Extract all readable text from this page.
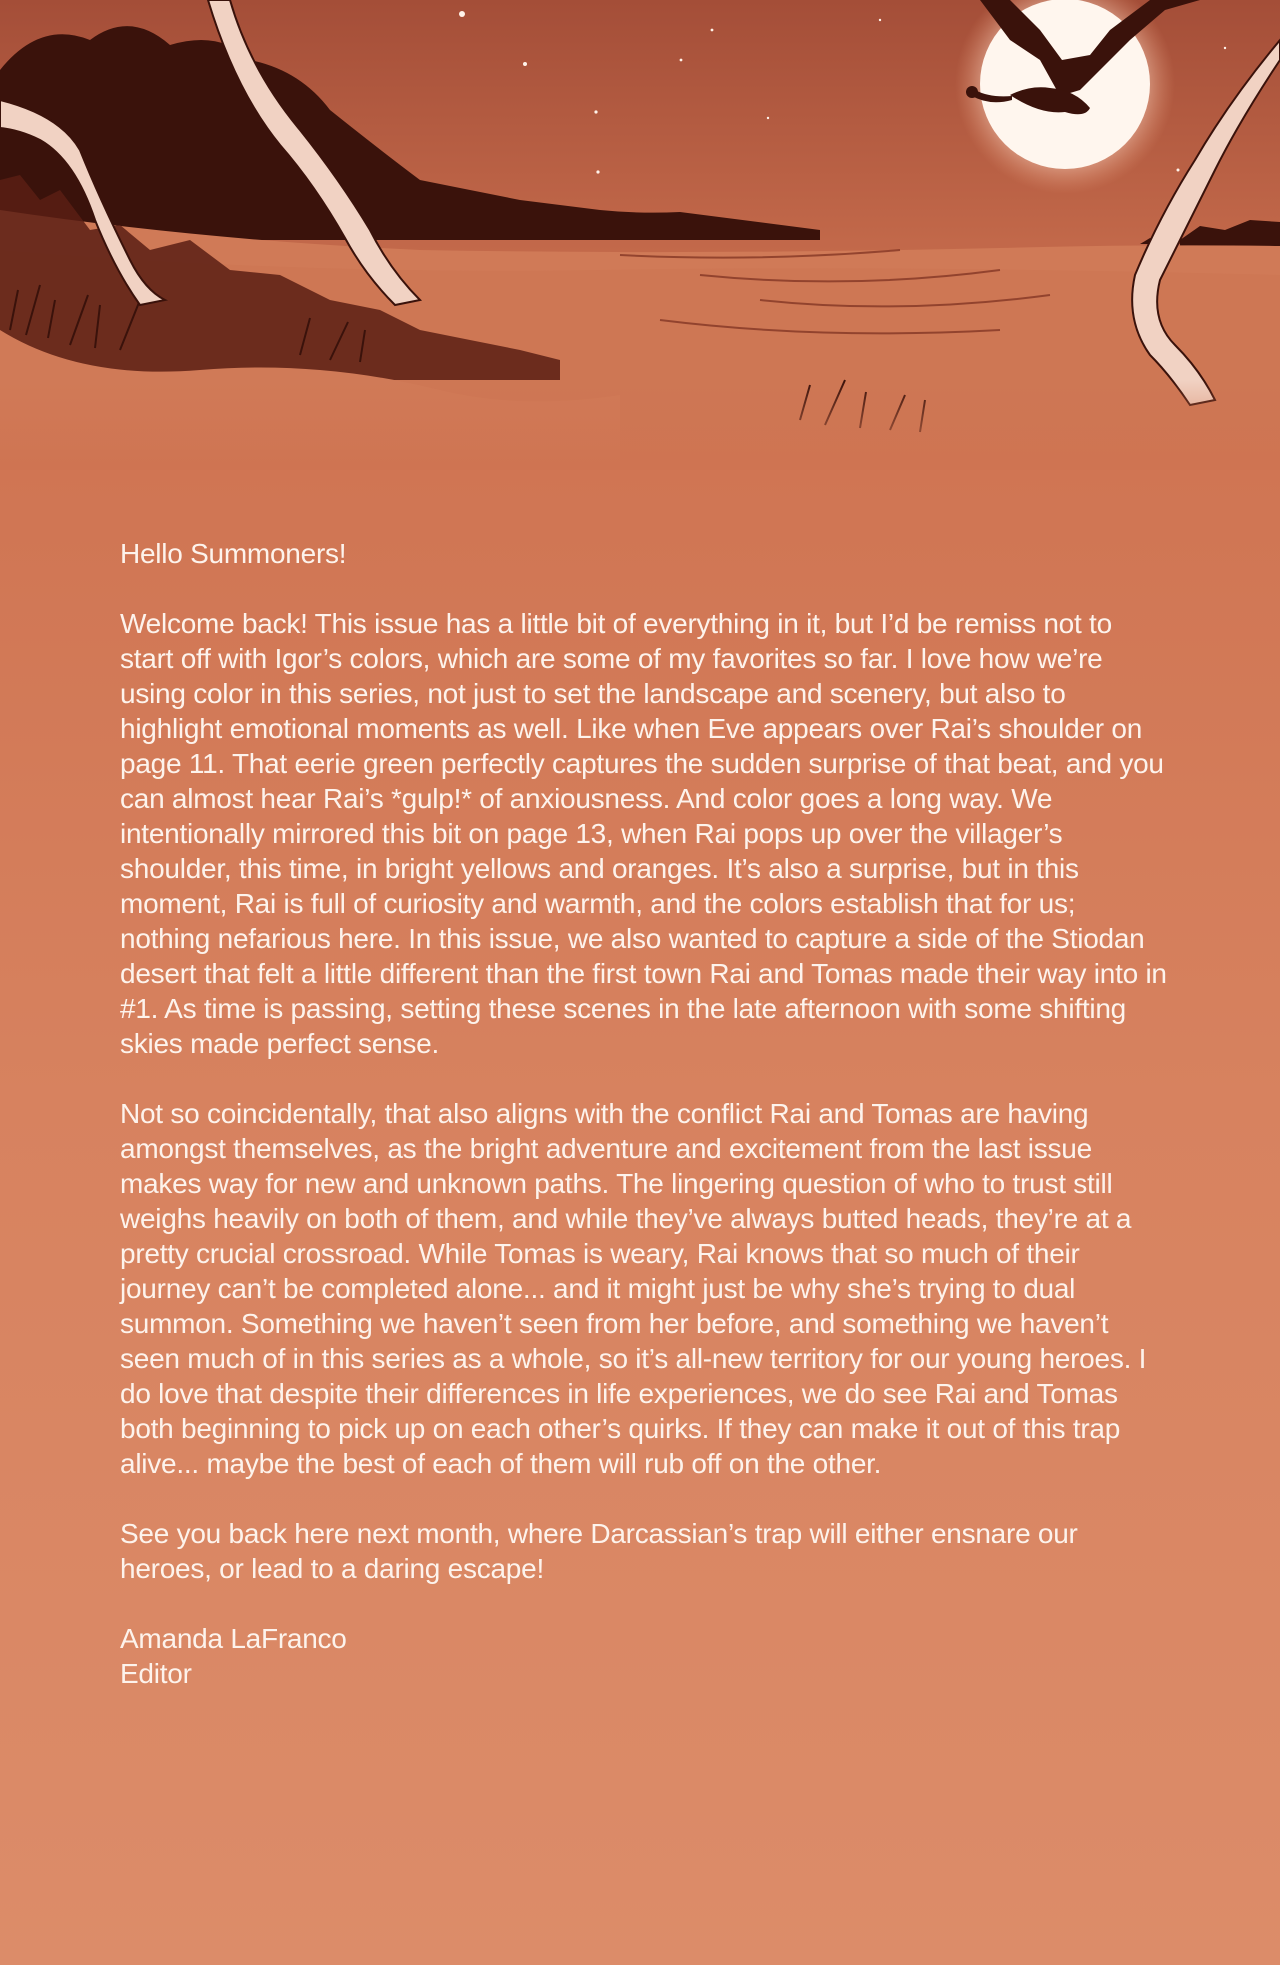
Hello Summoners!

Welcome back! This issue has a little bit of everything in it, but I’d be remiss not to start off with Igor’s colors, which are some of my favorites so far. I love how we’re using color in this series, not just to set the landscape and scenery, but also to highlight emotional moments as well. Like when Eve appears over Rai’s shoulder on page 11. That eerie green perfectly captures the sudden surprise of that beat, and you can almost hear Rai’s *gulp!* of anxiousness. And color goes a long way. We intentionally mirrored this bit on page 13, when Rai pops up over the villager’s shoulder, this time, in bright yellows and oranges. It’s also a surprise, but in this moment, Rai is full of curiosity and warmth, and the colors establish that for us; nothing nefarious here. In this issue, we also wanted to capture a side of the Stiodan desert that felt a little different than the first town Rai and Tomas made their way into in #1. As time is passing, setting these scenes in the late afternoon with some shifting skies made perfect sense.

Not so coincidentally, that also aligns with the conflict Rai and Tomas are having amongst themselves, as the bright adventure and excitement from the last issue makes way for new and unknown paths. The lingering question of who to trust still weighs heavily on both of them, and while they’ve always butted heads, they’re at a pretty crucial crossroad. While Tomas is weary, Rai knows that so much of their journey can’t be completed alone... and it might just be why she’s trying to dual summon. Something we haven’t seen from her before, and something we haven’t seen much of in this series as a whole, so it’s all-new territory for our young heroes. I do love that despite their differences in life experiences, we do see Rai and Tomas both beginning to pick up on each other’s quirks. If they can make it out of this trap alive... maybe the best of each of them will rub off on the other.

See you back here next month, where Darcassian’s trap will either ensnare our heroes, or lead to a daring escape!

Amanda LaFranco
Editor
